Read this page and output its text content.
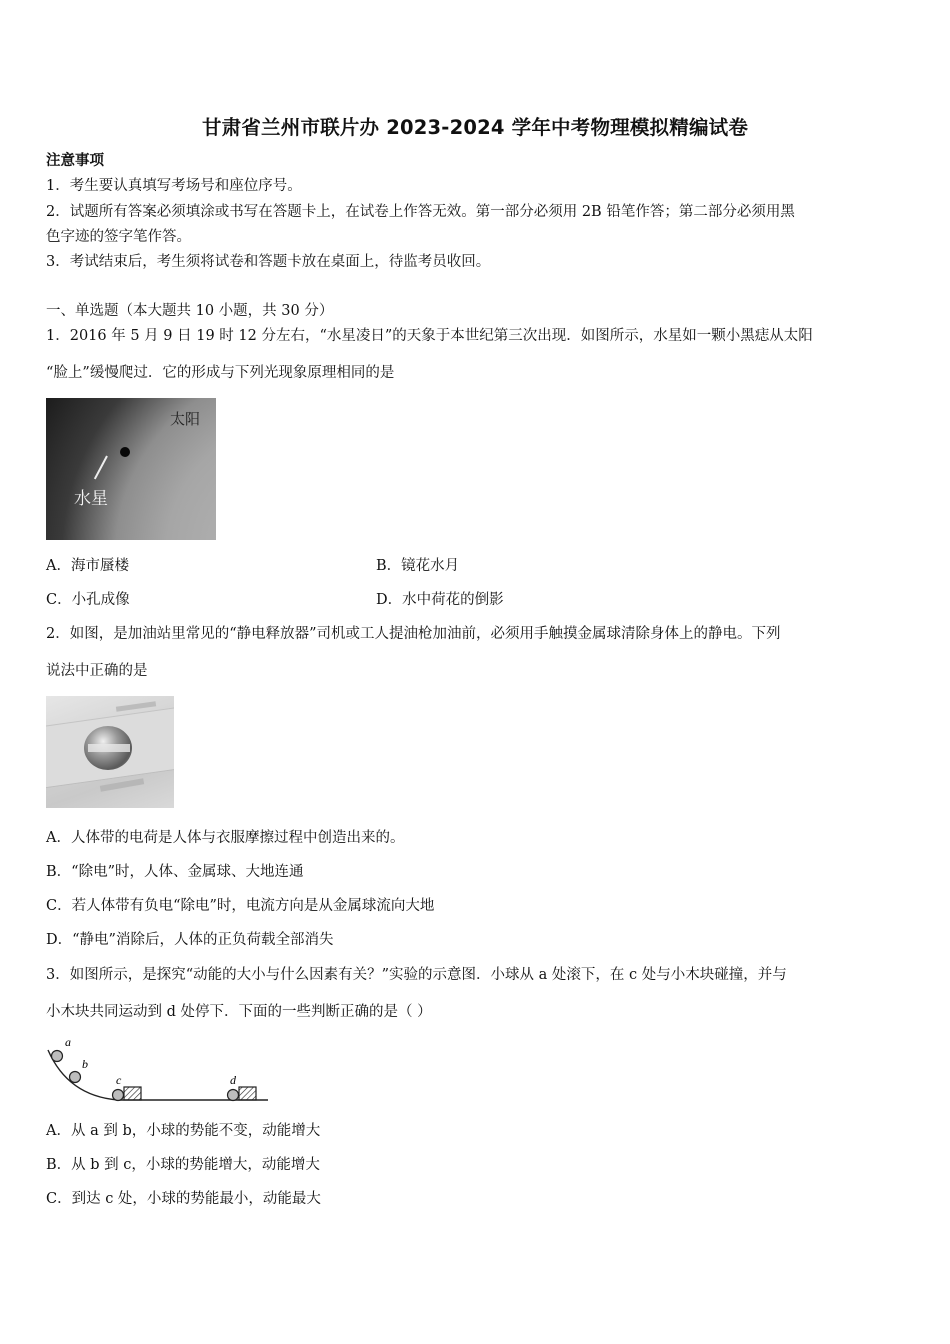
甘肃省兰州市联片办 2023-2024 学年中考物理模拟精编试卷
注意事项
1．考生要认真填写考场号和座位序号。
2．试题所有答案必须填涂或书写在答题卡上，在试卷上作答无效。第一部分必须用 2B 铅笔作答；第二部分必须用黑
色字迹的签字笔作答。
3．考试结束后，考生须将试卷和答题卡放在桌面上，待监考员收回。
一、单选题（本大题共 10 小题，共 30 分）
1．2016 年 5 月 9 日 19 时 12 分左右，“水星凌日”的天象于本世纪第三次出现．如图所示，水星如一颗小黑痣从太阳
“脸上”缓慢爬过．它的形成与下列光现象原理相同的是
太阳
水星
A．海市蜃楼	B．镜花水月
C．小孔成像	D．水中荷花的倒影
2．如图，是加油站里常见的“静电释放器”司机或工人提油枪加油前，必须用手触摸金属球清除身体上的静电。下列
说法中正确的是
A．人体带的电荷是人体与衣服摩擦过程中创造出来的。
B．“除电”时，人体、金属球、大地连通
C．若人体带有负电“除电”时，电流方向是从金属球流向大地
D．“静电”消除后，人体的正负荷载全部消失
3．如图所示，是探究“动能的大小与什么因素有关？”实验的示意图．小球从 a 处滚下，在 c 处与小木块碰撞，并与
小木块共同运动到 d 处停下．下面的一些判断正确的是（ ）
a
b
c	d
A．从 a 到 b，小球的势能不变，动能增大
B．从 b 到 c，小球的势能增大，动能增大
C．到达 c 处，小球的势能最小，动能最大
